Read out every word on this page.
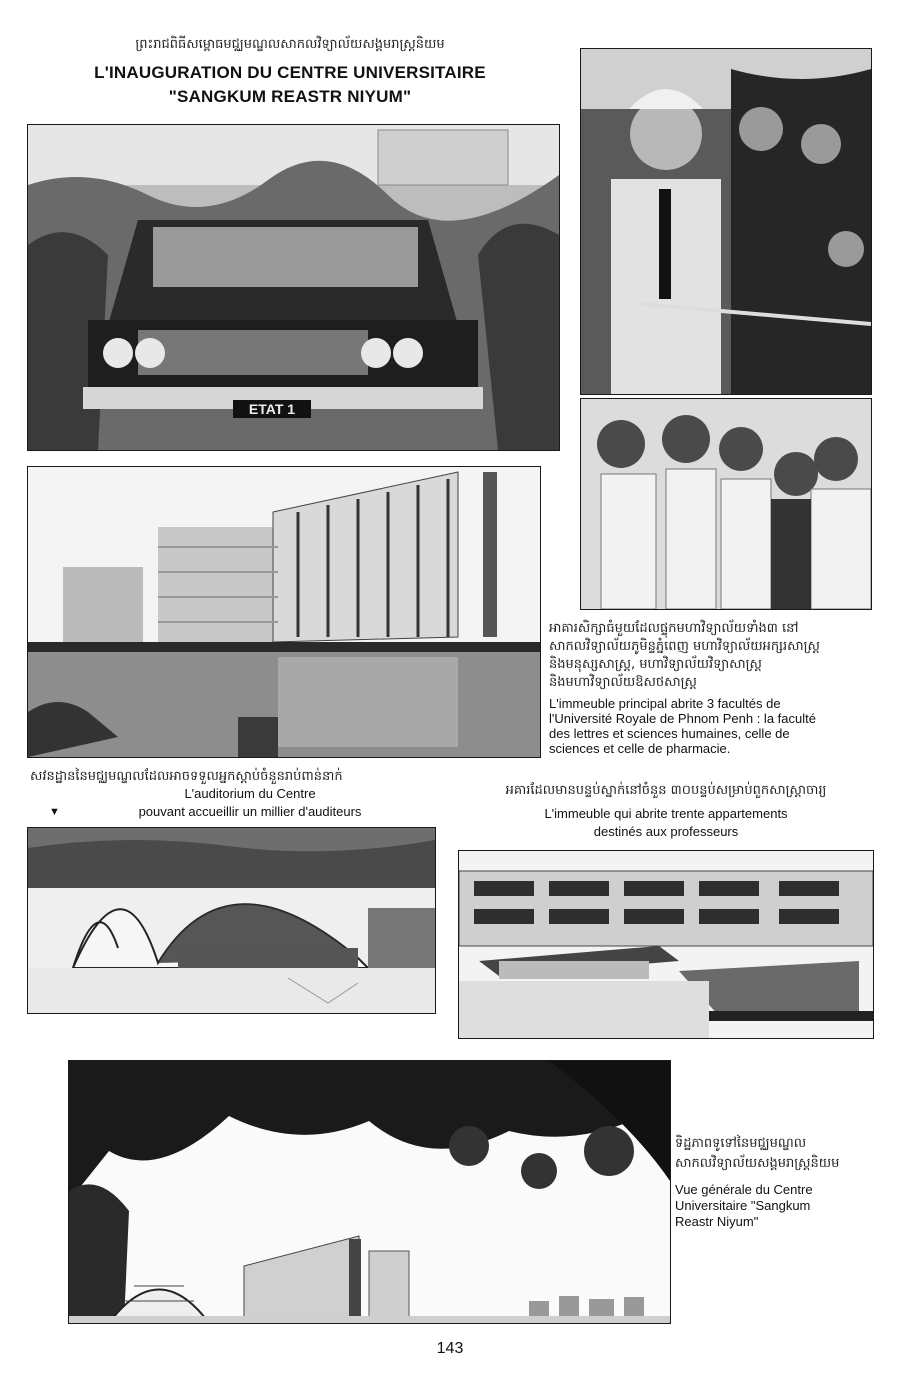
ព្រះរាជពិធីសម្ពោធមជ្ឈមណ្ឌលសាកលវិទ្យាល័យសង្គមរាស្ត្រនិយម
L'INAUGURATION DU CENTRE UNIVERSITAIRE
"SANGKUM REASTR NIYUM"
ETAT 1
អាគារសិក្សាធំមួយដែលផ្ទុកមហាវិទ្យាល័យទាំង៣ នៅ
សាកលវិទ្យាល័យភូមិន្ទភ្នំពេញ មហាវិទ្យាល័យអក្សរសាស្ត្រ
និងមនុស្សសាស្ត្រ, មហាវិទ្យាល័យវិទ្យាសាស្ត្រ
និងមហាវិទ្យាល័យឱសថសាស្ត្រ
L'immeuble principal abrite 3 facultés de
l'Université Royale de Phnom Penh : la faculté
des lettres et sciences humaines, celle de
sciences et celle de pharmacie.
សវនដ្ឋាននៃមជ្ឈមណ្ឌលដែលអាចទទួលអ្នកស្តាប់ចំនួនរាប់ពាន់នាក់
L'auditorium du Centre
pouvant accueillir un millier d'auditeurs
▼
អគារដែលមានបន្ទប់ស្នាក់នៅចំនួន ៣០បន្ទប់សម្រាប់ពួកសាស្ត្រាចារ្យ
L'immeuble qui abrite trente appartements
destinés aux professeurs
ទិដ្ឋភាពទូទៅនៃមជ្ឈមណ្ឌល
សាកលវិទ្យាល័យសង្គមរាស្ត្រនិយម
Vue générale du Centre
Universitaire "Sangkum
Reastr Niyum"
143
